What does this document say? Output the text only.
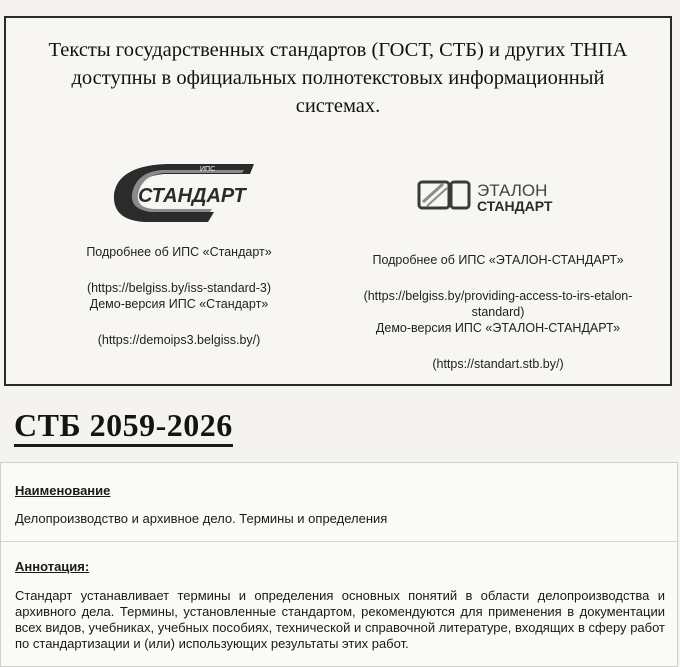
Тексты государственных стандартов (ГОСТ, СТБ) и других ТНПА
доступны в официальных полнотекстовых информационный
системах.
ИПС
СТАНДАРТ

Подробнее об ИПС «Стандарт»

(https://belgiss.by/iss-standard-3)

Демо-версия ИПС «Стандарт»

(https://demoips3.belgiss.by/)

ЭТАЛОН
СТАНДАРТ

Подробнее об ИПС «ЭТАЛОН-СТАНДАРТ»

(https://belgiss.by/providing-access-to-irs-etalon-

standard)

Демо-версия ИПС «ЭТАЛОН-СТАНДАРТ»

(https://standart.stb.by/)

СТБ 2059-2026

Наименование

Делопроизводство и архивное дело. Термины и определения

Аннотация:

Стандарт устанавливает термины и определения основных понятий в области делопроизводства и архивного дела. Термины, установленные стандартом, рекомендуются для применения в документации всех видов, учебниках, учебных пособиях, технической и справочной литературе, входящих в сферу работ по стандартизации и (или) использующих результаты этих работ.
